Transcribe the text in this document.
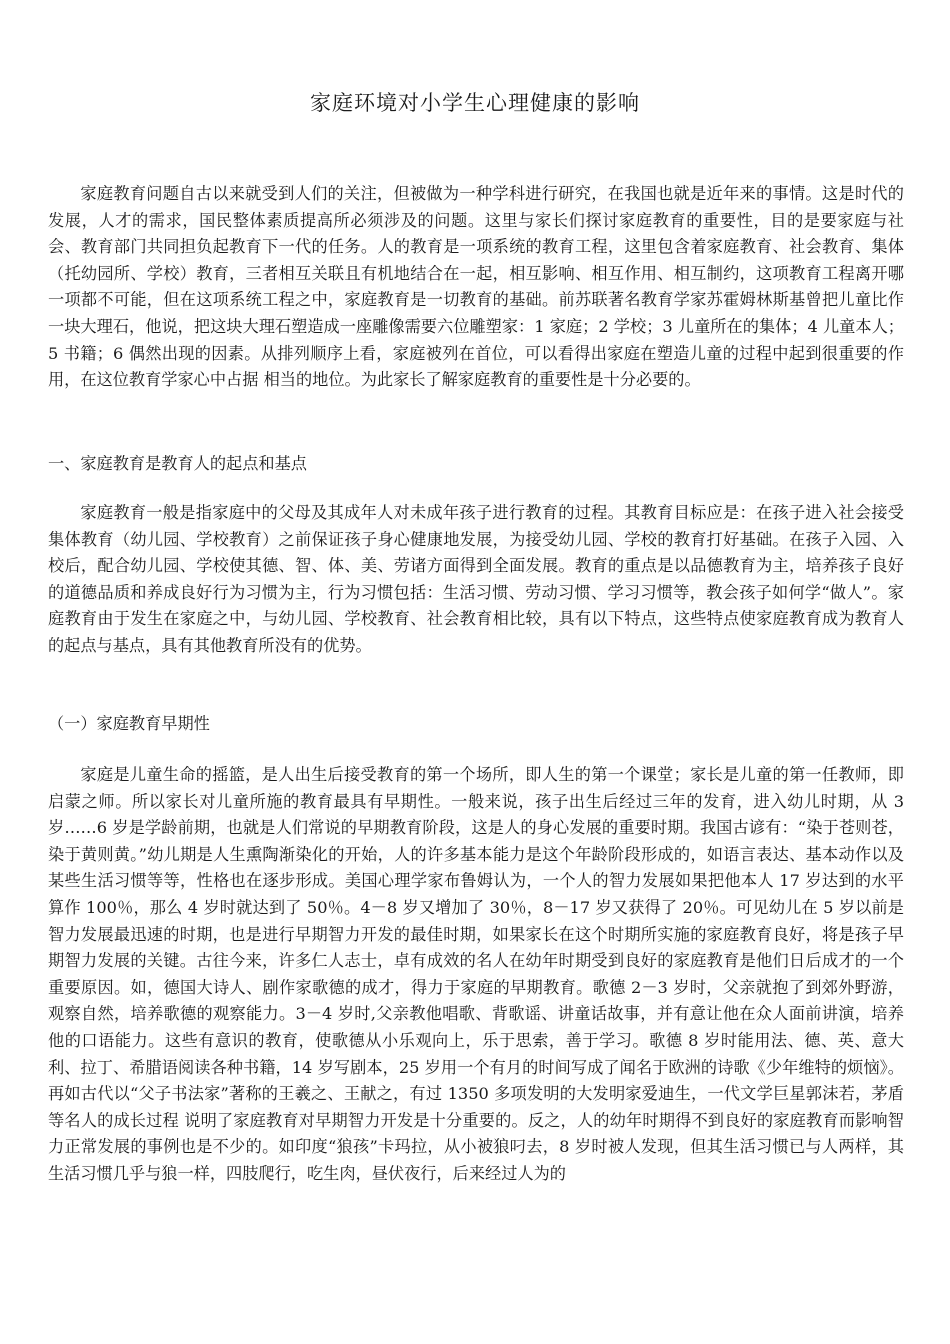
家庭环境对小学生心理健康的影响

家庭教育问题自古以来就受到人们的关注，但被做为一种学科进行研究，在我国也就是近年来的事情。这是时代的发展，人才的需求，国民整体素质提高所必须涉及的问题。这里与家长们探讨家庭教育的重要性，目的是要家庭与社会、教育部门共同担负起教育下一代的任务。人的教育是一项系统的教育工程，这里包含着家庭教育、社会教育、集体（托幼园所、学校）教育，三者相互关联且有机地结合在一起，相互影响、相互作用、相互制约，这项教育工程离开哪一项都不可能，但在这项系统工程之中，家庭教育是一切教育的基础。前苏联著名教育学家苏霍姆林斯基曾把儿童比作一块大理石，他说，把这块大理石塑造成一座雕像需要六位雕塑家：1 家庭；2 学校；3 儿童所在的集体；4 儿童本人；5 书籍；6 偶然出现的因素。从排列顺序上看，家庭被列在首位，可以看得出家庭在塑造儿童的过程中起到很重要的作用，在这位教育学家心中占据 相当的地位。为此家长了解家庭教育的重要性是十分必要的。

一、家庭教育是教育人的起点和基点

家庭教育一般是指家庭中的父母及其成年人对未成年孩子进行教育的过程。其教育目标应是：在孩子进入社会接受集体教育（幼儿园、学校教育）之前保证孩子身心健康地发展，为接受幼儿园、学校的教育打好基础。在孩子入园、入校后，配合幼儿园、学校使其德、智、体、美、劳诸方面得到全面发展。教育的重点是以品德教育为主，培养孩子良好的道德品质和养成良好行为习惯为主，行为习惯包括：生活习惯、劳动习惯、学习习惯等，教会孩子如何学“做人”。家庭教育由于发生在家庭之中，与幼儿园、学校教育、社会教育相比较，具有以下特点，这些特点使家庭教育成为教育人的起点与基点，具有其他教育所没有的优势。

（一）家庭教育早期性

家庭是儿童生命的摇篮，是人出生后接受教育的第一个场所，即人生的第一个课堂；家长是儿童的第一任教师，即启蒙之师。所以家长对儿童所施的教育最具有早期性。一般来说，孩子出生后经过三年的发育，进入幼儿时期，从 3 岁……6 岁是学龄前期，也就是人们常说的早期教育阶段，这是人的身心发展的重要时期。我国古谚有：“染于苍则苍，染于黄则黄。”幼儿期是人生熏陶渐染化的开始，人的许多基本能力是这个年龄阶段形成的，如语言表达、基本动作以及某些生活习惯等等，性格也在逐步形成。美国心理学家布鲁姆认为，一个人的智力发展如果把他本人 17 岁达到的水平算作 100％，那么 4 岁时就达到了 50％。4－8 岁又增加了 30％，8－17 岁又获得了 20％。可见幼儿在 5 岁以前是智力发展最迅速的时期，也是进行早期智力开发的最佳时期，如果家长在这个时期所实施的家庭教育良好，将是孩子早期智力发展的关键。古往今来，许多仁人志士，卓有成效的名人在幼年时期受到良好的家庭教育是他们日后成才的一个重要原因。如，德国大诗人、剧作家歌德的成才，得力于家庭的早期教育。歌德 2－3 岁时，父亲就抱了到郊外野游，观察自然，培养歌德的观察能力。3－4 岁时,父亲教他唱歌、背歌谣、讲童话故事，并有意让他在众人面前讲演，培养他的口语能力。这些有意识的教育，使歌德从小乐观向上，乐于思索，善于学习。歌德 8 岁时能用法、德、英、意大利、拉丁、希腊语阅读各种书籍，14 岁写剧本，25 岁用一个有月的时间写成了闻名于欧洲的诗歌《少年维特的烦恼》。再如古代以“父子书法家”著称的王羲之、王献之，有过 1350 多项发明的大发明家爱迪生，一代文学巨星郭沫若，茅盾等名人的成长过程 说明了家庭教育对早期智力开发是十分重要的。反之，人的幼年时期得不到良好的家庭教育而影响智力正常发展的事例也是不少的。如印度“狼孩”卡玛拉，从小被狼叼去，8 岁时被人发现，但其生活习惯已与人两样，其生活习惯几乎与狼一样，四肢爬行，吃生肉，昼伏夜行，后来经过人为的
